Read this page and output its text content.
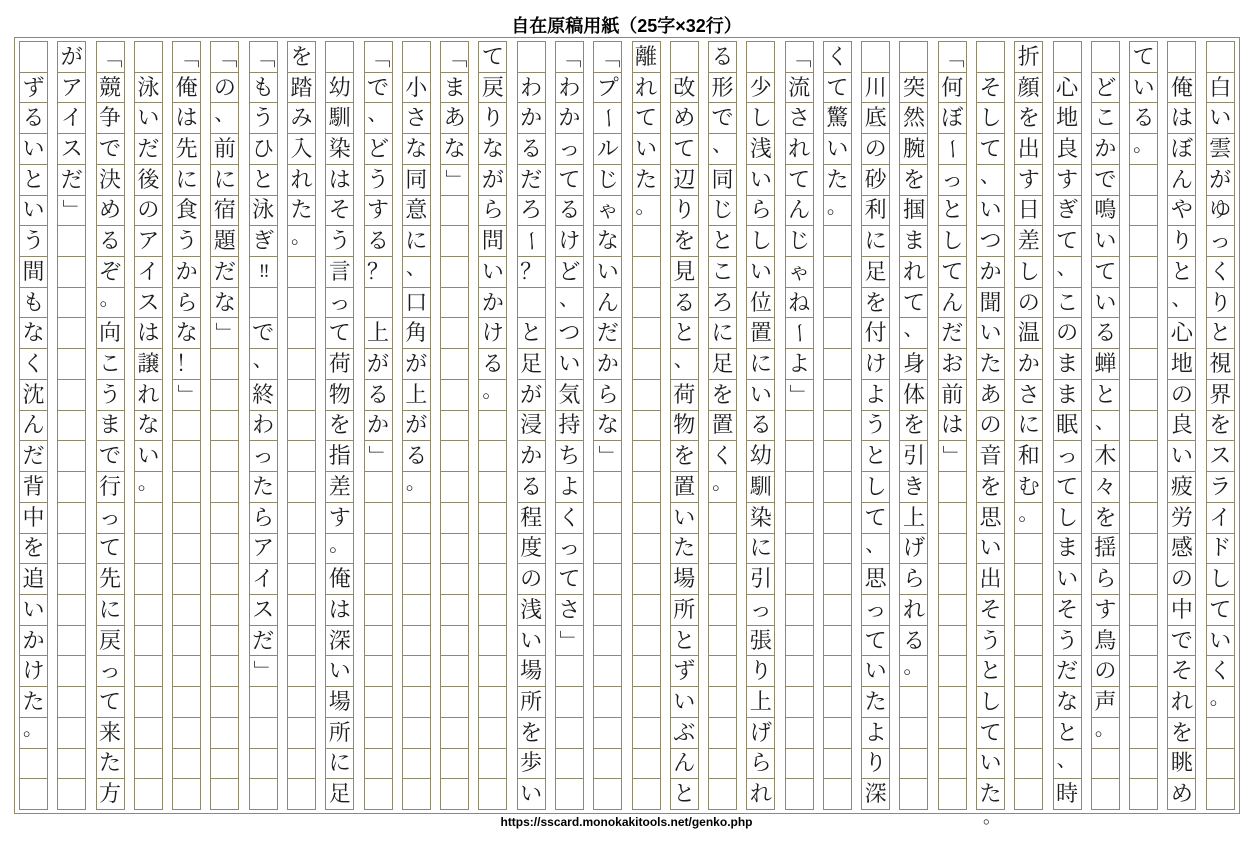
自在原稿用紙（25字×32行）
白
い
雲
が
ゆ
っ
く
り
と
視
界
を
ス
ラ
イ
ド
し
て
い
く
。
俺
は
ぼ
ん
や
り
と
、
心
地
の
良
い
疲
労
感
の
中
で
そ
れ
を
眺
め
て
い
る
。
ど
こ
か
で
鳴
い
て
い
る
蝉
と
、
木
々
を
揺
ら
す
鳥
の
声
。
心
地
良
す
ぎ
て
、
こ
の
ま
ま
眠
っ
て
し
ま
い
そ
う
だ
な
と
、
時
折
顔
を
出
す
日
差
し
の
温
か
さ
に
和
む
。
そ
し
て
、
い
つ
か
聞
い
た
あ
の
音
を
思
い
出
そ
う
と
し
て
い
た
。
「
何
ぼ
ー
っ
と
し
て
ん
だ
お
前
は
」
突
然
腕
を
掴
ま
れ
て
、
身
体
を
引
き
上
げ
ら
れ
る
。
川
底
の
砂
利
に
足
を
付
け
よ
う
と
し
て
、
思
っ
て
い
た
よ
り
深
く
て
驚
い
た
。
「
流
さ
れ
て
ん
じ
ゃ
ね
ー
よ
」
少
し
浅
い
ら
し
い
位
置
に
い
る
幼
馴
染
に
引
っ
張
り
上
げ
ら
れ
る
形
で
、
同
じ
と
こ
ろ
に
足
を
置
く
。
改
め
て
辺
り
を
見
る
と
、
荷
物
を
置
い
た
場
所
と
ず
い
ぶ
ん
と
離
れ
て
い
た
。
「
プ
ー
ル
じ
ゃ
な
い
ん
だ
か
ら
な
」
「
わ
か
っ
て
る
け
ど
、
つ
い
気
持
ち
よ
く
っ
て
さ
」
わ
か
る
だ
ろ
ー
？
と
足
が
浸
か
る
程
度
の
浅
い
場
所
を
歩
い
て
戻
り
な
が
ら
問
い
か
け
る
。
「
ま
あ
な
」
小
さ
な
同
意
に
、
口
角
が
上
が
る
。
「
で
、
ど
う
す
る
？
上
が
る
か
」
幼
馴
染
は
そ
う
言
っ
て
荷
物
を
指
差
す
。
俺
は
深
い
場
所
に
足
を
踏
み
入
れ
た
。
「
も
う
ひ
と
泳
ぎ
‼
で
、
終
わ
っ
た
ら
ア
イ
ス
だ
」
「
の
、
前
に
宿
題
だ
な
」
「
俺
は
先
に
食
う
か
ら
な
！
」
泳
い
だ
後
の
ア
イ
ス
は
譲
れ
な
い
。
「
競
争
で
決
め
る
ぞ
。
向
こ
う
ま
で
行
っ
て
先
に
戻
っ
て
来
た
方
が
ア
イ
ス
だ
」
ず
る
い
と
い
う
間
も
な
く
沈
ん
だ
背
中
を
追
い
か
け
た
。
https://sscard.monokakitools.net/genko.php
